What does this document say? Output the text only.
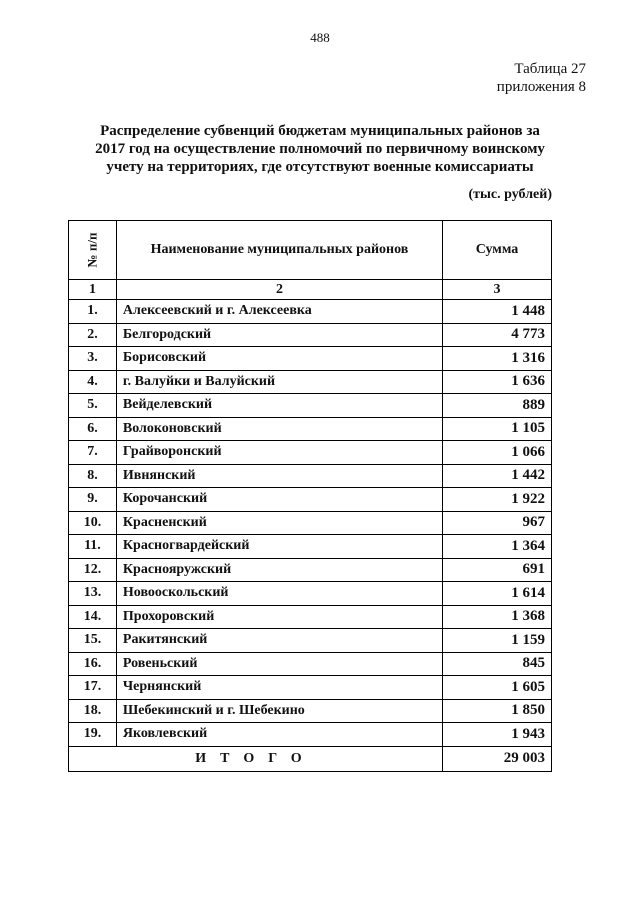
488
Таблица 27
приложения 8
Распределение субвенций бюджетам муниципальных районов за
2017 год на осуществление полномочий по первичному воинскому
учету на территориях, где отсутствуют военные комиссариаты
(тыс. рублей)
№ п/п	Наименование муниципальных районов	Сумма
1	2	3
1.	Алексеевский и г. Алексеевка	1 448
2.	Белгородский	4 773
3.	Борисовский	1 316
4.	г. Валуйки и Валуйский	1 636
5.	Вейделевский	889
6.	Волоконовский	1 105
7.	Грайворонский	1 066
8.	Ивнянский	1 442
9.	Корочанский	1 922
10.	Красненский	967
11.	Красногвардейский	1 364
12.	Краснояружский	691
13.	Новооскольский	1 614
14.	Прохоровский	1 368
15.	Ракитянский	1 159
16.	Ровеньский	845
17.	Чернянский	1 605
18.	Шебекинский и г. Шебекино	1 850
19.	Яковлевский	1 943
ИТОГО		29 003
